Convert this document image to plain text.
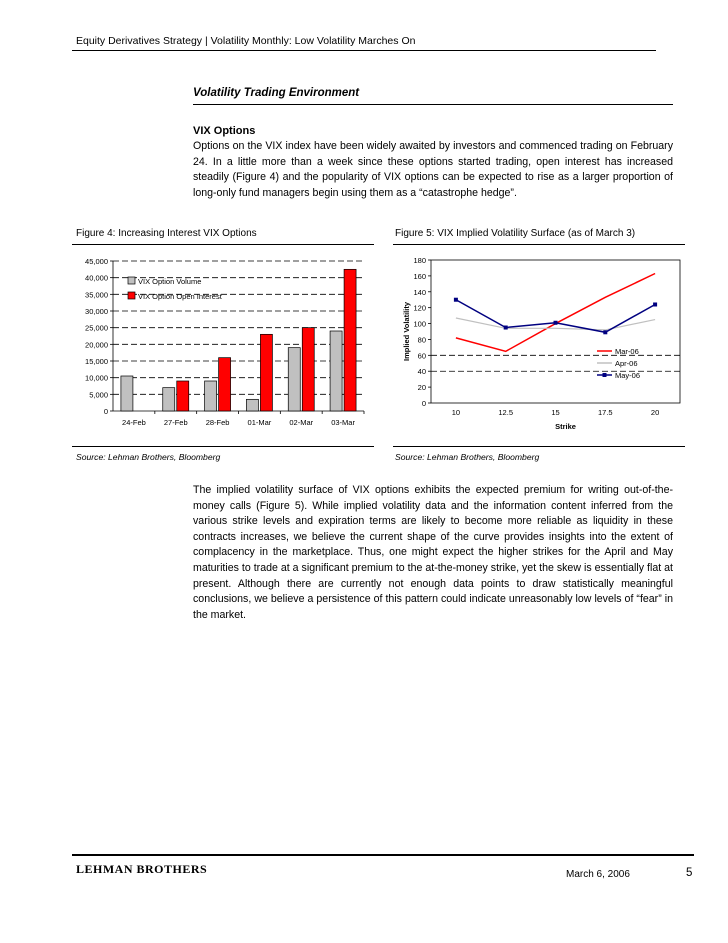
Equity Derivatives Strategy | Volatility Monthly: Low Volatility Marches On
Volatility Trading Environment
VIX Options
Options on the VIX index have been widely awaited by investors and commenced trading on February 24. In a little more than a week since these options started trading, open interest has increased steadily (Figure 4) and the popularity of VIX options can be expected to rise as a larger proportion of long-only fund managers begin using them as a “catastrophe hedge”.
Figure 4: Increasing Interest VIX Options	Figure 5: VIX Implied Volatility Surface (as of March 3)
0
5,000
10,000
15,000
20,000
25,000
30,000
35,000
40,000
45,000
24-Feb 27-Feb 28-Feb 01-Mar 02-Mar 03-Mar
VIX Option Volume
VIX Option Open Interest
0
20
40
60
80
100
120
140
160
180
10	12.5	15	17.5	20
Strike
Implied Volatility	Mar-06
Apr-06
May-06
Source: Lehman Brothers, Bloomberg	Source: Lehman Brothers, Bloomberg
The implied volatility surface of VIX options exhibits the expected premium for writing out-of-the-money calls (Figure 5). While implied volatility data and the information content inferred from the various strike levels and expiration terms are likely to become more reliable as liquidity in these contracts increases, we believe the current shape of the curve provides insights into the extent of complacency in the marketplace. Thus, one might expect the higher strikes for the April and May maturities to trade at a significant premium to the at-the-money strike, yet the skew is essentially flat at present. Although there are currently not enough data points to draw statistically meaningful conclusions, we believe a persistence of this pattern could indicate unreasonably low levels of “fear” in the market.
LEHMAN BROTHERS	March 6, 2006	5
